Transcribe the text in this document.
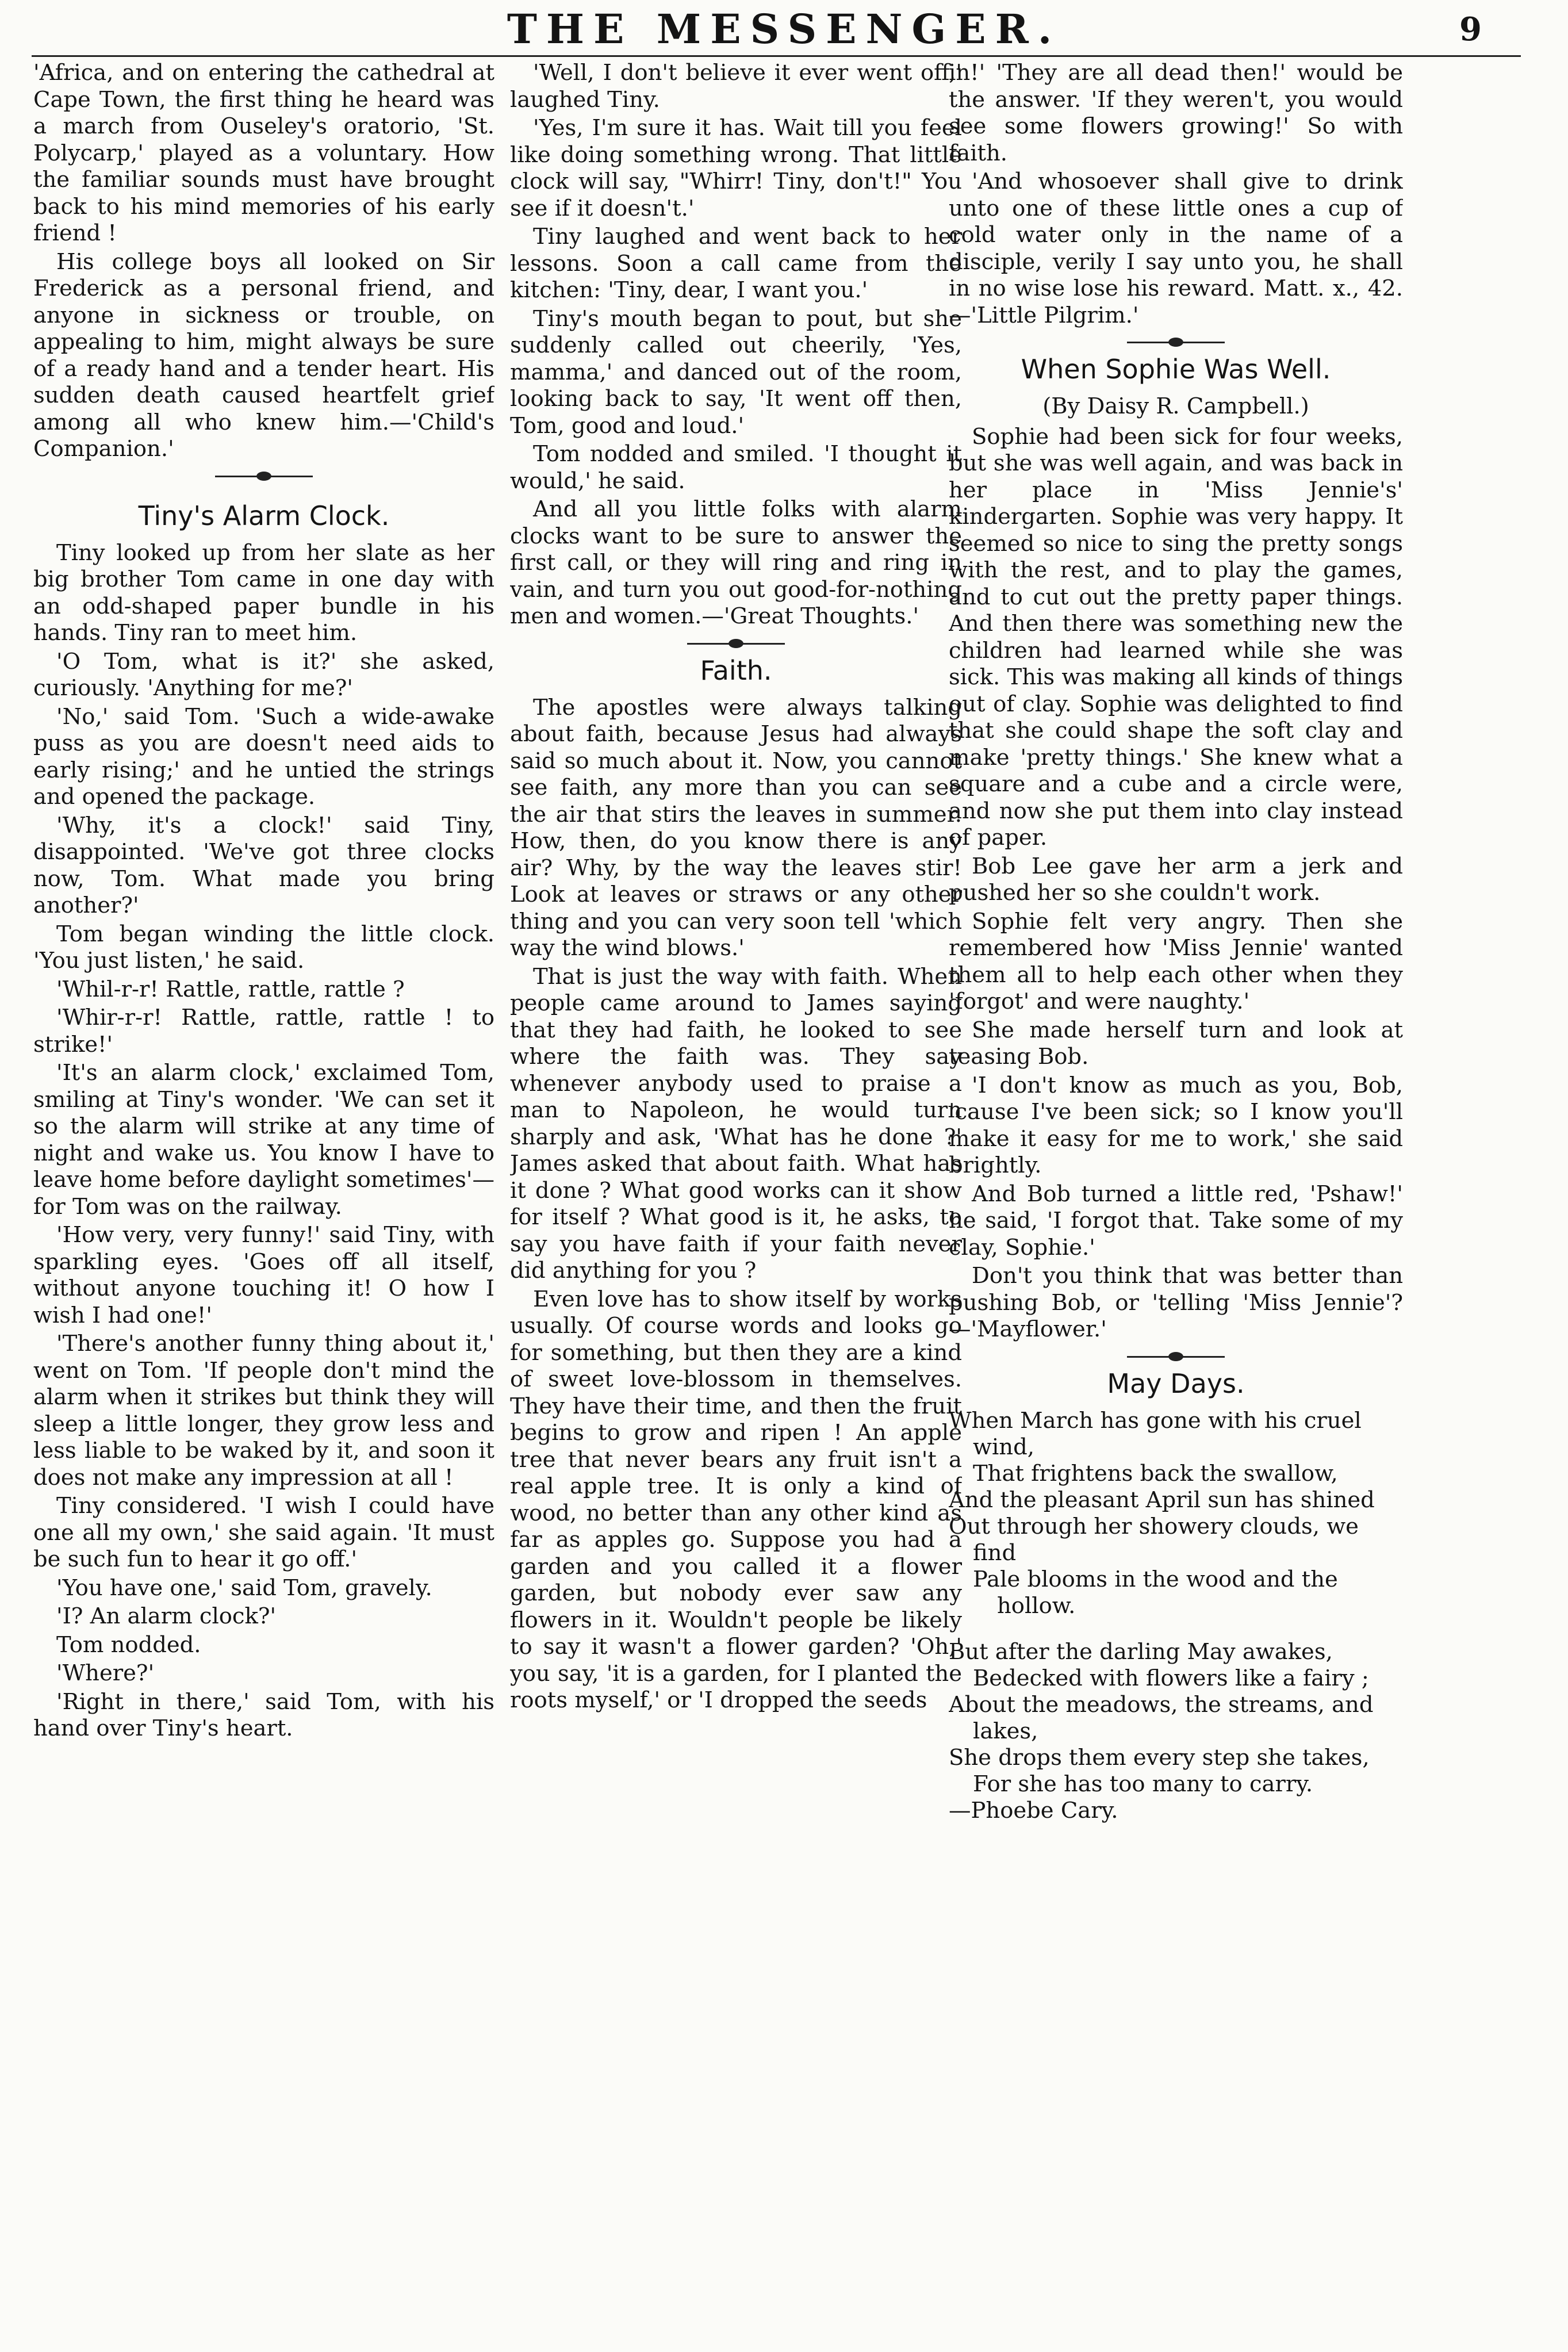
THE MESSENGER.	9

'Africa, and on entering the cathedral at Cape Town, the first thing he heard was a march from Ouseley's oratorio, 'St. Polycarp,' played as a voluntary. How the familiar sounds must have brought back to his mind memories of his early friend !

His college boys all looked on Sir Frederick as a personal friend, and anyone in sickness or trouble, on appealing to him, might always be sure of a ready hand and a tender heart. His sudden death caused heartfelt grief among all who knew him.—'Child's Companion.'

Tiny's Alarm Clock.

Tiny looked up from her slate as her big brother Tom came in one day with an odd-shaped paper bundle in his hands. Tiny ran to meet him.

'O Tom, what is it?' she asked, curiously. 'Anything for me?'

'No,' said Tom. 'Such a wide-awake puss as you are doesn't need aids to early rising;' and he untied the strings and opened the package.

'Why, it's a clock!' said Tiny, disappointed. 'We've got three clocks now, Tom. What made you bring another?'

Tom began winding the little clock. 'You just listen,' he said.

'Whil-r-r! Rattle, rattle, rattle ?

'Whir-r-r! Rattle, rattle, rattle ! to strike!'

'It's an alarm clock,' exclaimed Tom, smiling at Tiny's wonder. 'We can set it so the alarm will strike at any time of night and wake us. You know I have to leave home before daylight sometimes'— for Tom was on the railway.

'How very, very funny!' said Tiny, with sparkling eyes. 'Goes off all itself, without anyone touching it! O how I wish I had one!'

'There's another funny thing about it,' went on Tom. 'If people don't mind the alarm when it strikes but think they will sleep a little longer, they grow less and less liable to be waked by it, and soon it does not make any impression at all !

Tiny considered. 'I wish I could have one all my own,' she said again. 'It must be such fun to hear it go off.'

'You have one,' said Tom, gravely.

'I? An alarm clock?'

Tom nodded.

'Where?'

'Right in there,' said Tom, with his hand over Tiny's heart.

'Well, I don't believe it ever went off,' laughed Tiny.

'Yes, I'm sure it has. Wait till you feel like doing something wrong. That little clock will say, "Whirr! Tiny, don't!" You see if it doesn't.'

Tiny laughed and went back to her lessons. Soon a call came from the kitchen: 'Tiny, dear, I want you.'

Tiny's mouth began to pout, but she suddenly called out cheerily, 'Yes, mamma,' and danced out of the room, looking back to say, 'It went off then, Tom, good and loud.'

Tom nodded and smiled. 'I thought it would,' he said.

And all you little folks with alarm clocks want to be sure to answer the first call, or they will ring and ring in vain, and turn you out good-for-nothing men and women.—'Great Thoughts.'

Faith.

The apostles were always talking about faith, because Jesus had always said so much about it. Now, you cannot see faith, any more than you can see the air that stirs the leaves in summer. How, then, do you know there is any air? Why, by the way the leaves stir! Look at leaves or straws or any other thing and you can very soon tell 'which way the wind blows.'

That is just the way with faith. When people came around to James saying that they had faith, he looked to see where the faith was. They say whenever anybody used to praise a man to Napoleon, he would turn sharply and ask, 'What has he done ?' James asked that about faith. What has it done ? What good works can it show for itself ? What good is it, he asks, to say you have faith if your faith never did anything for you ?

Even love has to show itself by works usually. Of course words and looks go for something, but then they are a kind of sweet love-blossom in themselves. They have their time, and then the fruit begins to grow and ripen ! An apple tree that never bears any fruit isn't a real apple tree. It is only a kind of wood, no better than any other kind as far as apples go. Suppose you had a garden and you called it a flower garden, but nobody ever saw any flowers in it. Wouldn't people be likely to say it wasn't a flower garden? 'Oh,' you say, 'it is a garden, for I planted the roots myself,' or 'I dropped the seeds

in!' 'They are all dead then!' would be the answer. 'If they weren't, you would see some flowers growing!' So with faith.

'And whosoever shall give to drink unto one of these little ones a cup of cold water only in the name of a disciple, verily I say unto you, he shall in no wise lose his reward. Matt. x., 42.—'Little Pilgrim.'

When Sophie Was Well.
(By Daisy R. Campbell.)

Sophie had been sick for four weeks, but she was well again, and was back in her place in 'Miss Jennie's' kindergarten. Sophie was very happy. It seemed so nice to sing the pretty songs with the rest, and to play the games, and to cut out the pretty paper things. And then there was something new the children had learned while she was sick. This was making all kinds of things out of clay. Sophie was delighted to find that she could shape the soft clay and make 'pretty things.' She knew what a square and a cube and a circle were, and now she put them into clay instead of paper.

Bob Lee gave her arm a jerk and pushed her so she couldn't work.

Sophie felt very angry. Then she remembered how 'Miss Jennie' wanted them all to help each other when they 'forgot' and were naughty.'

She made herself turn and look at teasing Bob.

'I don't know as much as you, Bob, 'cause I've been sick; so I know you'll make it easy for me to work,' she said brightly.

And Bob turned a little red, 'Pshaw!' he said, 'I forgot that. Take some of my clay, Sophie.'

Don't you think that was better than pushing Bob, or 'telling 'Miss Jennie'?—'Mayflower.'

May Days.
When March has gone with his cruel wind,
That frightens back the swallow,
And the pleasant April sun has shined
Out through her showery clouds, we find
Pale blooms in the wood and the hollow.
But after the darling May awakes,
Bedecked with flowers like a fairy ;
About the meadows, the streams, and lakes,
She drops them every step she takes,
For she has too many to carry.
—Phoebe Cary.
